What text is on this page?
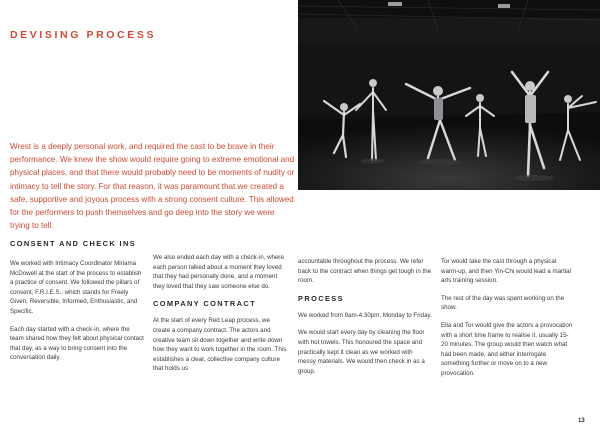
DEVISING PROCESS
Wrest is a deeply personal work, and required the cast to be brave in their performance. We knew the show would require going to extreme emotional and physical places, and that there would probably need to be moments of nudity or intimacy to tell the story. For that reason, it was paramount that we created a safe, supportive and joyous process with a strong consent culture. This allowed for the performers to push themselves and go deep into the story we were trying to tell.
CONSENT AND CHECK INS

We worked with Intimacy Coordinator Miriama McDowell at the start of the process to establish a practice of consent. We followed the pillars of consent, F.R.I.E.S., which stands for Freely Given, Reversible, Informed, Enthusiastic, and Specific.

Each day started with a check-in, where the team shared how they felt about physical contact that day, as a way to bring consent into the conversation daily.

We also ended each day with a check-in, where each person talked about a moment they loved that they had personally done, and a moment they loved that they saw someone else do.

COMPANY CONTRACT

At the start of every Red Leap process, we create a company contract. The actors and creative team sit down together and write down how they want to work together in the room. This establishes a clear, collective company culture that holds us

accountable throughout the process. We refer back to the contract when things get tough in the room.

PROCESS

We worked from 9am-4:30pm, Monday to Friday.

We would start every day by cleaning the floor with hot towels. This honoured the space and practically kept it clean as we worked with messy materials. We would then check in as a group.

Tor would take the cast through a physical warm-up, and then Yin-Chi would lead a martial arts training session.

The rest of the day was spent working on the show.

Ella and Tor would give the actors a provocation with a short time frame to realise it, usually 15-20 minutes. The group would then watch what had been made, and either interrogate something further or move on to a new provocation.

13
